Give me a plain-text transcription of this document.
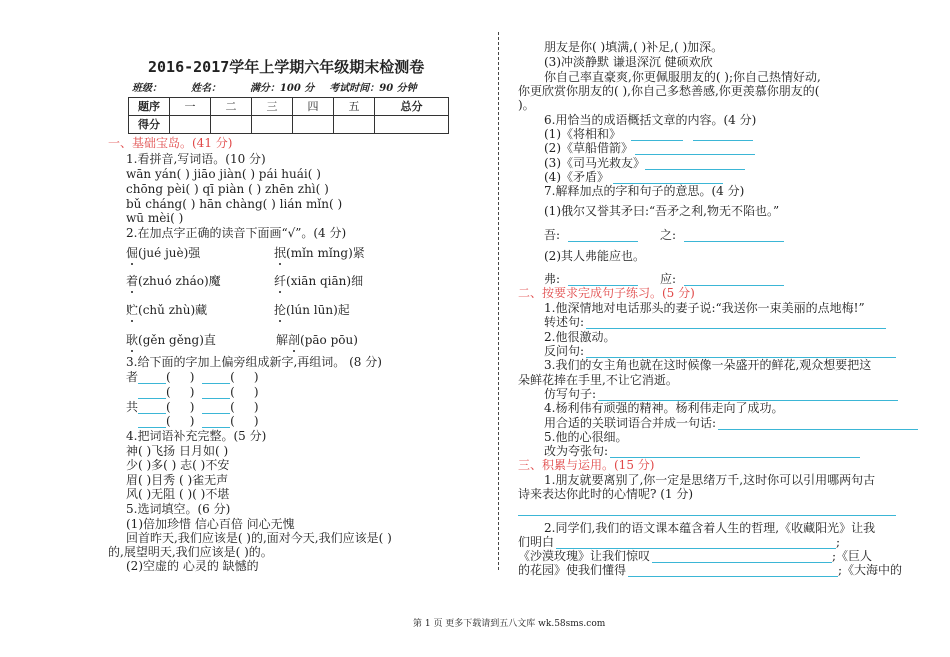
2016-2017学年上学期六年级期末检测卷
班级：	姓名：	满分：100 分 考试时间：90 分钟
题序	一	二	三	四	五	总分
得分						
一、基础宝岛。(41 分)
1.看拼音,写词语。(10 分)
wān yán( ) jiāo jiàn( ) pái huái( )
chōng pèi( ) qī piàn ( ) zhēn zhì( )
bǔ cháng( ) hān chàng( ) lián mǐn( )
wū mèi( )
2.在加点字正确的读音下面画“√”。(4 分)
倔(jué juè)强	抿(mǐn mǐng)紧
着(zhuó zháo)魔	纤(xiān qiān)细
贮(chǔ zhù)藏	抡(lún lūn)起
耿(gěn gěng)直	解剖(pāo pōu)
3.给下面的字加上偏旁组成新字,再组词。 (8 分)
者 (     )  (     )
(     )  (     )
共 (     )  (     )
(     )  (     )
4.把词语补充完整。(5 分)
神( )飞扬 日月如( )
少( )多( ) 志( )不安
眉( )目秀 ( )雀无声
风( )无阻 ( )( )不堪
5.选词填空。(6 分)
(1)倍加珍惜 信心百倍 问心无愧
回首昨天,我们应该是( )的,面对今天,我们应该是( )
的,展望明天,我们应该是( )的。
(2)空虚的 心灵的 缺憾的
朋友是你( )填满,( )补足,( )加深。
(3)冲淡静默 谦退深沉 健硕欢欣
你自己率直豪爽,你更佩服朋友的( );你自己热情好动,
你更欣赏你朋友的( ),你自己多愁善感,你更羡慕你朋友的(
)。
6.用恰当的成语概括文章的内容。(4 分)
(1)《将相和》
(2)《草船借箭》
(3)《司马光救友》
(4)《矛盾》
7.解释加点的字和句子的意思。(4 分)
(1)俄尔又誉其矛曰:“吾矛之利,物无不陷也。”
吾:	之:
(2)其人弗能应也。
弗:	应:
二、按要求完成句子练习。(5 分)
1.他深情地对电话那头的妻子说:“我送你一束美丽的点地梅!”
转述句:
2.他很激动。
反问句:
3.我们的女主角也就在这时候像一朵盛开的鲜花,观众想要把这
朵鲜花捧在手里,不让它消逝。
仿写句子:
4.杨利伟有顽强的精神。杨利伟走向了成功。
用合适的关联词语合并成一句话:
5.他的心很细。
改为夸张句:
三、积累与运用。(15 分)
1.朋友就要离别了,你一定是思绪万千,这时你可以引用哪两句古
诗来表达你此时的心情呢? (1 分)
2.同学们,我们的语文课本蕴含着人生的哲理,《收藏阳光》让我
们明白	;
《沙漠玫瑰》让我们惊叹	;《巨人
的花园》使我们懂得	;《大海中的
第 1 页 更多下载请到五八文库 wk.58sms.com
